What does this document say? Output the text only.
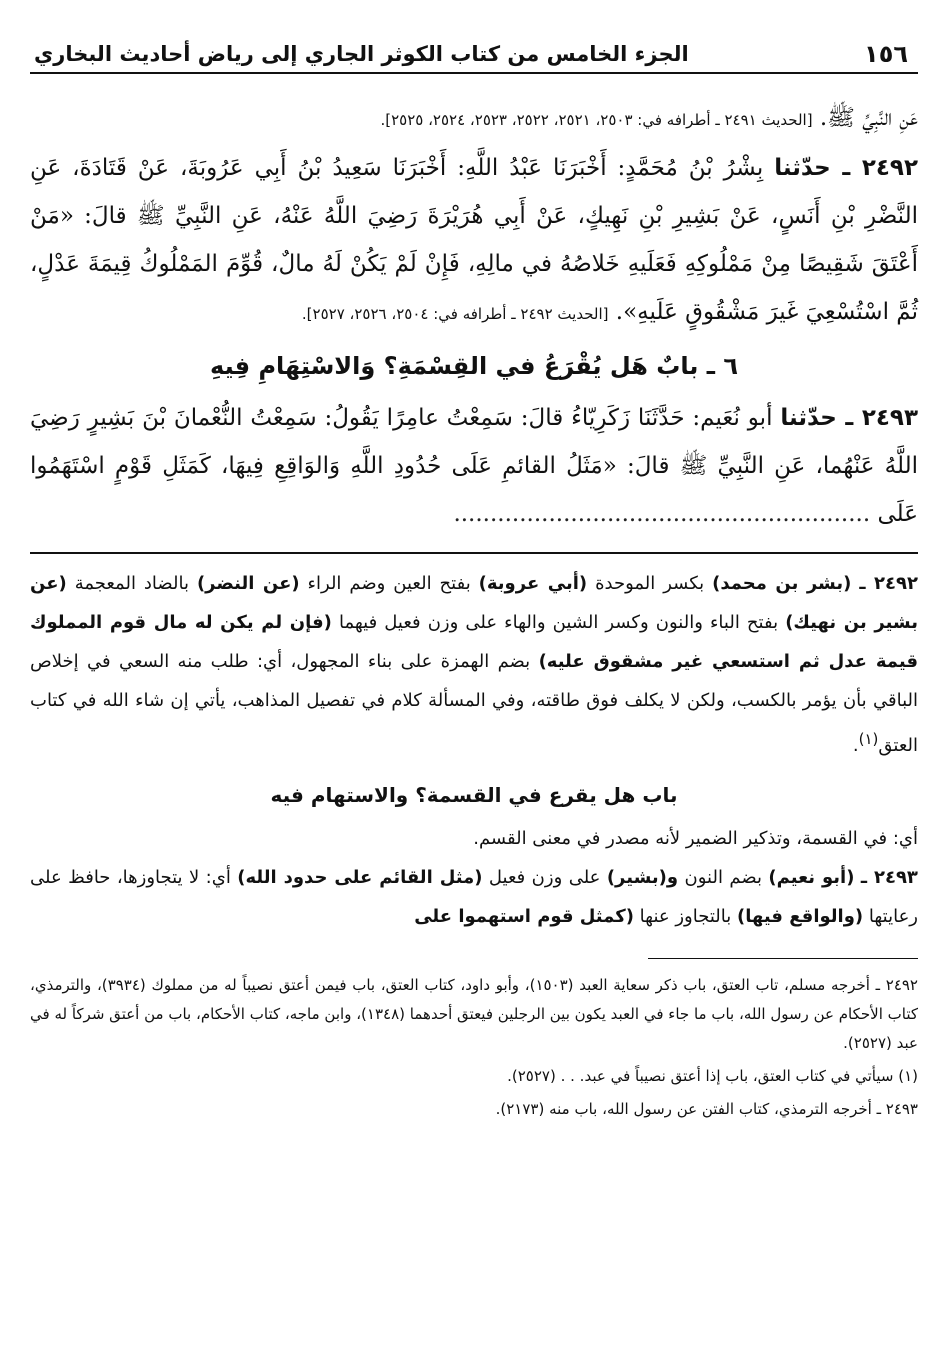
١٥٦
الجزء الخامس من كتاب الكوثر الجاري إلى رياض أحاديث البخاري

عَنِ النَّبِيِّ ﷺ. [الحديث ٢٤٩١ ـ أطرافه في: ٢٥٠٣، ٢٥٢١، ٢٥٢٢، ٢٥٢٣، ٢٥٢٤، ٢٥٢٥].

٢٤٩٢ ـ حدّثنا بِشْرُ بْنُ مُحَمَّدٍ: أَخْبَرَنَا عَبْدُ اللَّهِ: أَخْبَرَنَا سَعِيدُ بْنُ أَبِي عَرُوبَةَ، عَنْ قَتَادَةَ، عَنِ النَّضْرِ بْنِ أَنَسٍ، عَنْ بَشِيرِ بْنِ نَهِيكٍ، عَنْ أَبِي هُرَيْرَةَ رَضِيَ اللَّهُ عَنْهُ، عَنِ النَّبِيِّ ﷺ قالَ: «مَنْ أَعْتَقَ شَقِيصًا مِنْ مَمْلُوكِهِ فَعَلَيهِ خَلاصُهُ في مالِهِ، فَإِنْ لَمْ يَكُنْ لَهُ مالٌ، قُوِّمَ المَمْلُوكُ قِيمَةَ عَدْلٍ، ثُمَّ اسْتُسْعِيَ غَيرَ مَشْقُوقٍ عَلَيهِ». [الحديث ٢٤٩٢ ـ أطرافه في: ٢٥٠٤، ٢٥٢٦، ٢٥٢٧].

٦ ـ بابٌ هَل يُقْرَعُ في القِسْمَةِ؟ وَالاسْتِهَامِ فِيهِ

٢٤٩٣ ـ حدّثنا أبو نُعَيم: حَدَّثَنَا زَكَرِيّاءُ قالَ: سَمِعْتُ عامِرًا يَقُولُ: سَمِعْتُ النُّعْمانَ بْنَ بَشِيرٍ رَضِيَ اللَّهُ عَنْهُما، عَنِ النَّبِيِّ ﷺ قالَ: «مَثَلُ القائمِ عَلَى حُدُودِ اللَّهِ وَالوَاقِعِ فِيهَا، كَمَثَلِ قَوْمٍ اسْتَهَمُوا عَلَى .........................................................

٢٤٩٢ ـ (بشر بن محمد) بكسر الموحدة (أبي عروبة) بفتح العين وضم الراء (عن النضر) بالضاد المعجمة (عن بشير بن نهيك) بفتح الباء والنون وكسر الشين والهاء على وزن فعيل فيهما (فإن لم يكن له مال قوم المملوك قيمة عدل ثم استسعي غير مشقوق عليه) بضم الهمزة على بناء المجهول، أي: طلب منه السعي في إخلاص الباقي بأن يؤمر بالكسب، ولكن لا يكلف فوق طاقته، وفي المسألة كلام في تفصيل المذاهب، يأتي إن شاء الله في كتاب العتق$^{(١)}$.

باب هل يقرع في القسمة؟ والاستهام فيه

أي: في القسمة، وتذكير الضمير لأنه مصدر في معنى القسم.

٢٤٩٣ ـ (أبو نعيم) بضم النون و(بشير) على وزن فعيل (مثل القائم على حدود الله) أي: لا يتجاوزها، حافظ على رعايتها (والواقع فيها) بالتجاوز عنها (كمثل قوم استهموا على

٢٤٩٢ ـ أخرجه مسلم، تاب العتق، باب ذكر سعاية العبد (١٥٠٣)، وأبو داود، كتاب العتق، باب فيمن أعتق نصيباً له من مملوك (٣٩٣٤)، والترمذي، كتاب الأحكام عن رسول الله، باب ما جاء في العبد يكون بين الرجلين فيعتق أحدهما (١٣٤٨)، وابن ماجه، كتاب الأحكام، باب من أعتق شركاً له في عبد (٢٥٢٧).

(١) سيأتي في كتاب العتق، باب إذا أعتق نصيباً في عبد. . . (٢٥٢٧).

٢٤٩٣ ـ أخرجه الترمذي، كتاب الفتن عن رسول الله، باب منه (٢١٧٣).
